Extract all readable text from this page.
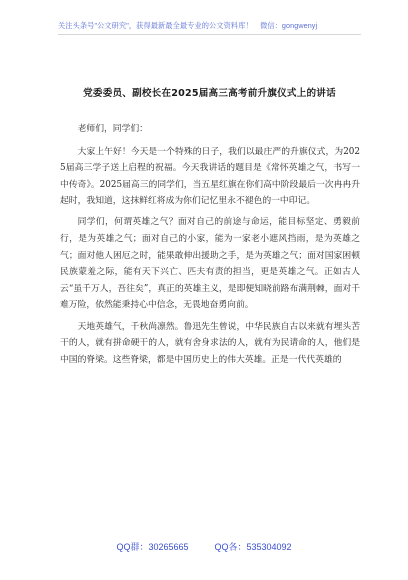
关注头条号"公文研究"，获得最新最全最专业的公文资料库！　微信：gongwenyj
党委委员、副校长在2025届高三高考前升旗仪式上的讲话

老师们，同学们：

大家上午好！今天是一个特殊的日子，我们以最庄严的升旗仪式，为2025届高三学子送上启程的祝福。今天我讲话的题目是《常怀英雄之气，书写一中传奇》。2025届高三的同学们，当五星红旗在你们高中阶段最后一次冉冉升起时，我知道，这抹鲜红将成为你们记忆里永不褪色的一中印记。

同学们，何谓英雄之气？面对自己的前途与命运，能目标坚定、勇毅前行，是为英雄之气；面对自己的小家，能为一家老小遮风挡雨，是为英雄之气；面对他人困厄之时，能果敢伸出援助之手，是为英雄之气；面对国家困顿民族蒙羞之际，能有天下兴亡、匹夫有责的担当，更是英雄之气。正如古人云“虽千万人，吾往矣”，真正的英雄主义，是即便知晓前路布满荆棘，面对千难万险，依然能秉持心中信念，无畏地奋勇向前。

天地英雄气，千秋尚凛然。鲁迅先生曾说，中华民族自古以来就有埋头苦干的人，就有拼命硬干的人，就有舍身求法的人，就有为民请命的人，他们是中国的脊梁。这些脊梁，都是中国历史上的伟大英雄。正是一代代英雄的

QQ群：30265665	QQ各：535304092
